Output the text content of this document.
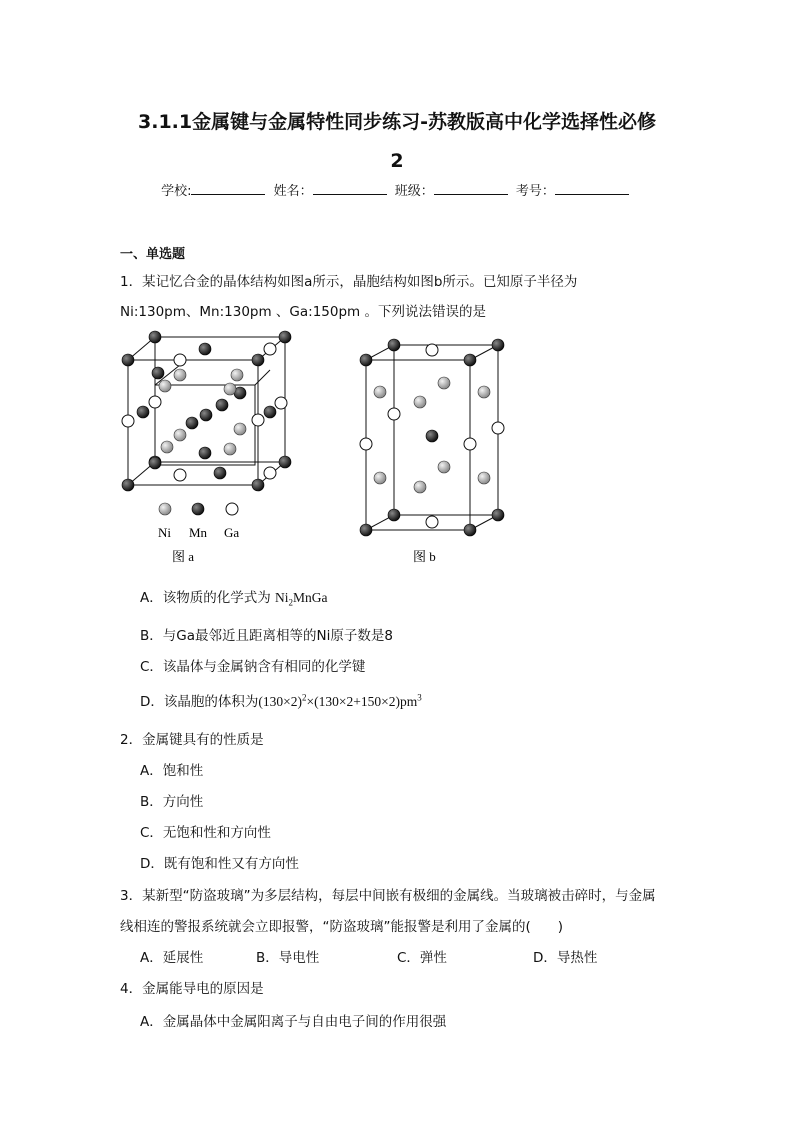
3.1.1金属键与金属特性同步练习-苏教版高中化学选择性必修
2
学校:	姓名：	班级：	考号：
一、单选题
1．某记忆合金的晶体结构如图a所示，晶胞结构如图b所示。已知原子半径为
Ni:130pm、Mn:130pm 、Ga:150pm 。下列说法错误的是
Ni Mn Ga
图 a	图 b
A．该物质的化学式为 $Ni_2MnGa$
B．与Ga最邻近且距离相等的Ni原子数是8
C．该晶体与金属钠含有相同的化学键
D．该晶胞的体积为$(130\times 2)^2\times(130\times 2+150\times 2)pm^3$
2．金属键具有的性质是
A．饱和性
B．方向性
C．无饱和性和方向性
D．既有饱和性又有方向性
3．某新型“防盗玻璃”为多层结构，每层中间嵌有极细的金属线。当玻璃被击碎时，与金属
线相连的警报系统就会立即报警，“防盗玻璃”能报警是利用了金属的(　　)
A．延展性	B．导电性	C．弹性	D．导热性
4．金属能导电的原因是
A．金属晶体中金属阳离子与自由电子间的作用很强
